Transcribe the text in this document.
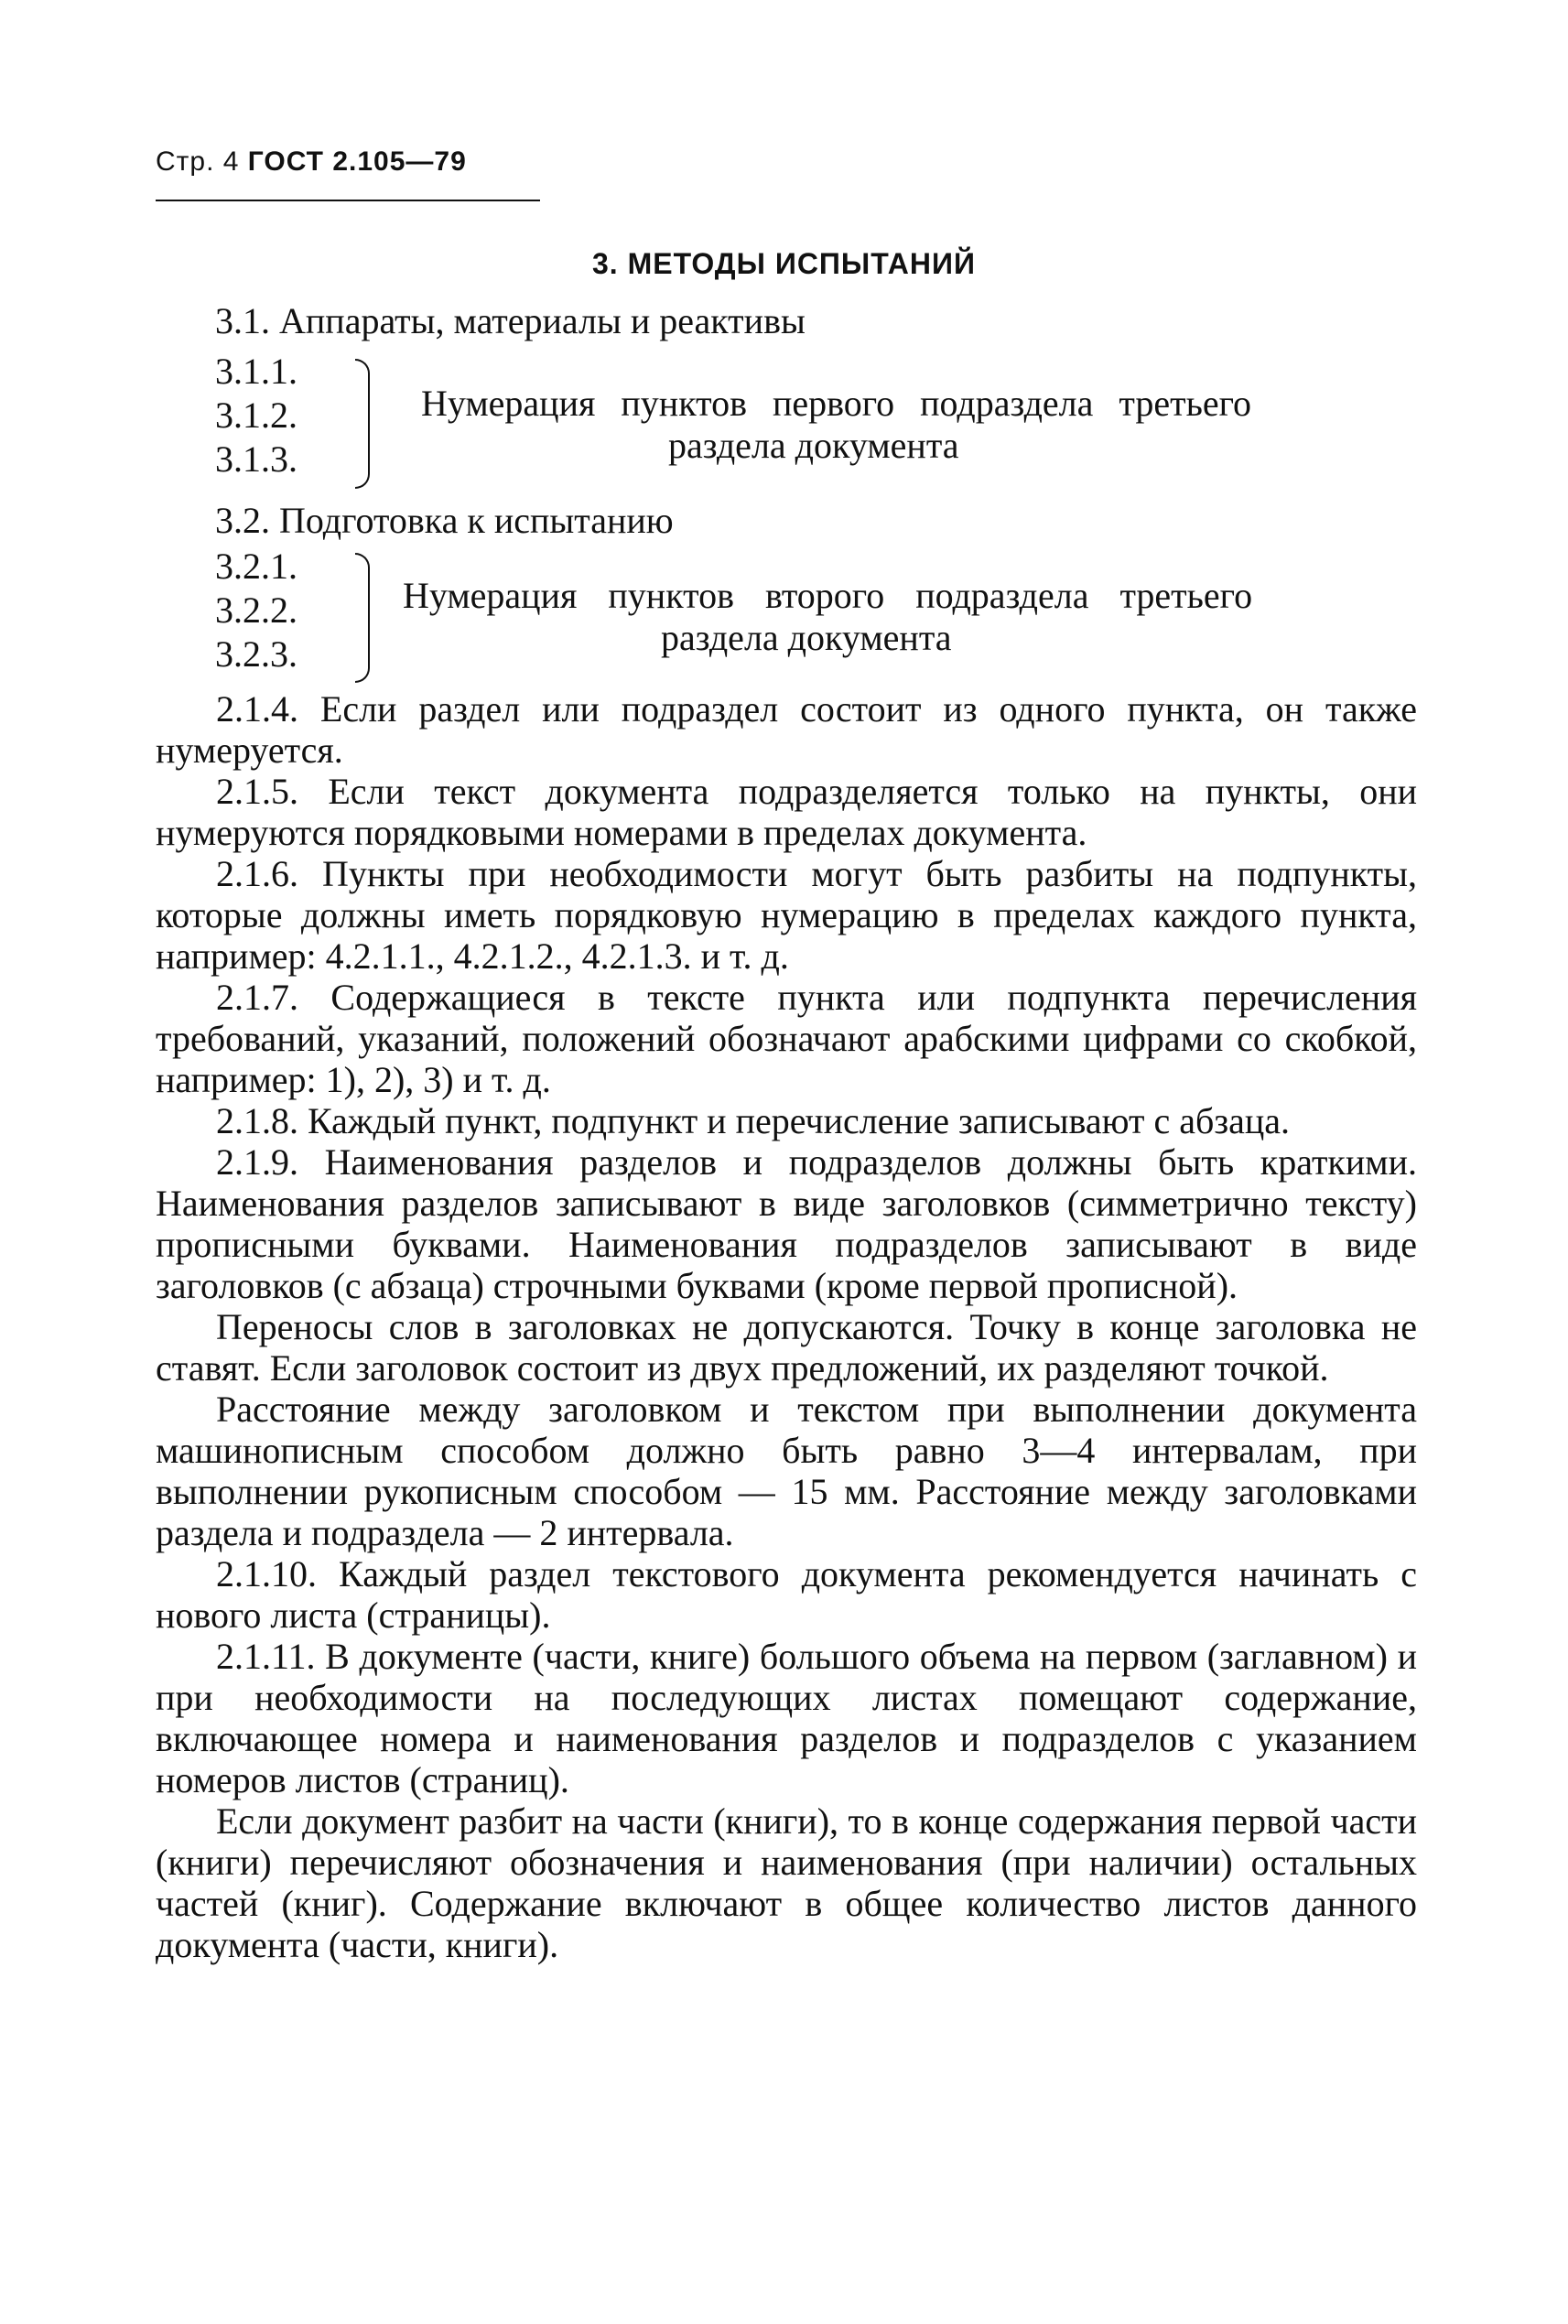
Стр. 4 ГОСТ 2.105—79
3. МЕТОДЫ ИСПЫТАНИЙ
3.1. Аппараты, материалы и реактивы
3.1.1.
3.1.2.
3.1.3.
Нумерация пунктов первого подраздела третьего
раздела документа
3.2. Подготовка к испытанию
3.2.1.
3.2.2.
3.2.3.
Нумерация пунктов второго подраздела третьего
раздела документа

2.1.4. Если раздел или подраздел состоит из одного пункта, он также нумеруется.

2.1.5. Если текст документа подразделяется только на пункты, они нумеруются порядковыми номерами в пределах документа.

2.1.6. Пункты при необходимости могут быть разбиты на подпункты, которые должны иметь порядковую нумерацию в пределах каждого пункта, например: 4.2.1.1., 4.2.1.2., 4.2.1.3. и т. д.

2.1.7. Содержащиеся в тексте пункта или подпункта перечисления требований, указаний, положений обозначают арабскими цифрами со скобкой, например: 1), 2), 3) и т. д.

2.1.8. Каждый пункт, подпункт и перечисление записывают с абзаца.

2.1.9. Наименования разделов и подразделов должны быть краткими. Наименования разделов записывают в виде заголовков (симметрично тексту) прописными буквами. Наименования подразделов записывают в виде заголовков (с абзаца) строчными буквами (кроме первой прописной).

Переносы слов в заголовках не допускаются. Точку в конце заголовка не ставят. Если заголовок состоит из двух предложений, их разделяют точкой.

Расстояние между заголовком и текстом при выполнении документа машинописным способом должно быть равно 3—4 интервалам, при выполнении рукописным способом — 15 мм. Расстояние между заголовками раздела и подраздела — 2 интервала.

2.1.10. Каждый раздел текстового документа рекомендуется начинать с нового листа (страницы).

2.1.11. В документе (части, книге) большого объема на первом (заглавном) и при необходимости на последующих листах помещают содержание, включающее номера и наименования разделов и подразделов с указанием номеров листов (страниц).

Если документ разбит на части (книги), то в конце содержания первой части (книги) перечисляют обозначения и наименования (при наличии) остальных частей (книг). Содержание включают в общее количество листов данного документа (части, книги).
